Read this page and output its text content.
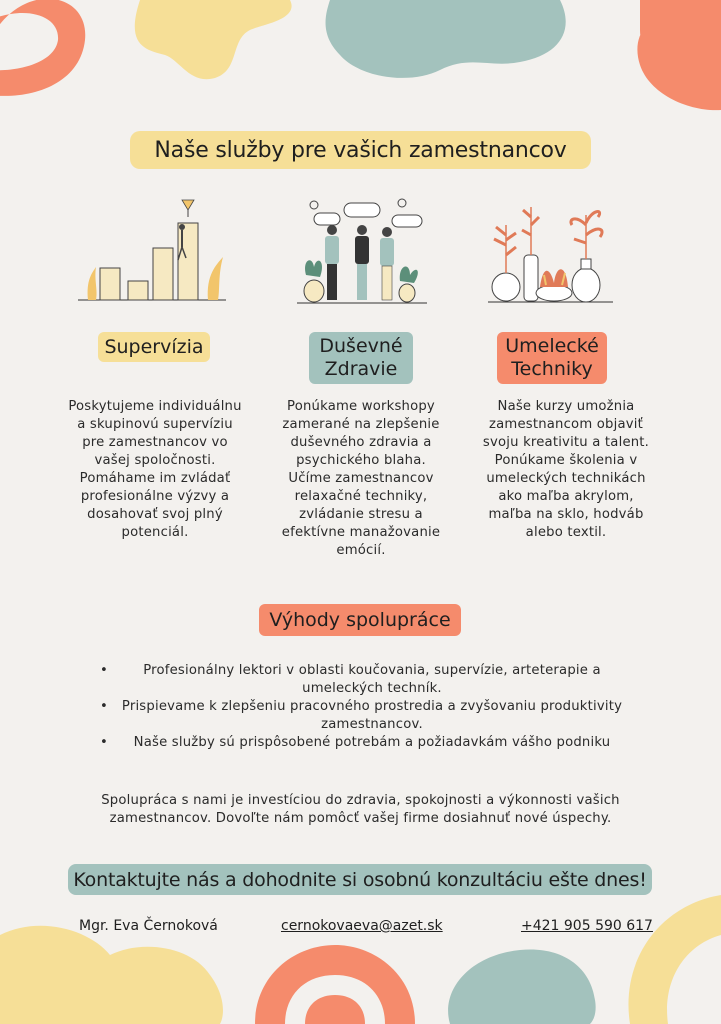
Naše služby pre vašich zamestnancov
Supervízia	Duševné Zdravie
Umelecké Techniky
Poskytujeme individuálnu a skupinovú supervíziu pre zamestnancov vo vašej spoločnosti. Pomáhame im zvládať profesionálne výzvy a dosahovať svoj plný potenciál.
Ponúkame workshopy zamerané na zlepšenie duševného zdravia a psychického blaha. Učíme zamestnancov relaxačné techniky, zvládanie stresu a efektívne manažovanie emócií.
Naše kurzy umožnia zamestnancom objaviť svoju kreativitu a talent. Ponúkame školenia v umeleckých technikách ako maľba akrylom, maľba na sklo, hodváb alebo textil.
Výhody spolupráce
•	Profesionálny lektori v oblasti koučovania, supervízie, arteterapie a umeleckých techník.
•	Prispievame k zlepšeniu pracovného prostredia a zvyšovaniu produktivity zamestnancov.
•	Naše služby sú prispôsobené potrebám a požiadavkám vášho podniku
Spolupráca s nami je investíciou do zdravia, spokojnosti a výkonnosti vašich zamestnancov. Dovoľte nám pomôcť vašej firme dosiahnuť nové úspechy.
Kontaktujte nás a dohodnite si osobnú konzultáciu ešte dnes!
Mgr. Eva Černoková	cernokovaeva@azet.sk	+421 905 590 617
